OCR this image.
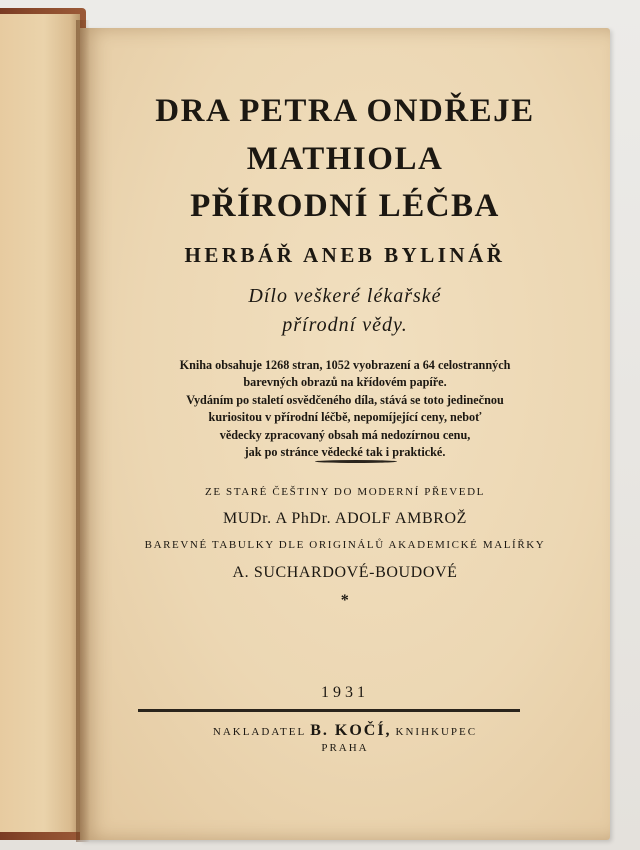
DRA PETRA ONDŘEJE
MATHIOLA
PŘÍRODNÍ LÉČBA
HERBÁŘ ANEB BYLINÁŘ
Dílo veškeré lékařské
přírodní vědy.
Kniha obsahuje 1268 stran, 1052 vyobrazení a 64 celostranných
barevných obrazů na křídovém papíře.
Vydáním po staletí osvědčeného díla, stává se toto jedinečnou
kuriositou v přírodní léčbě, nepomíjející ceny, neboť
vědecky zpracovaný obsah má nedozírnou cenu,
jak po stránce vědecké tak i praktické.
ZE STARÉ ČEŠTINY DO MODERNÍ PŘEVEDL
MUDr. A PhDr. ADOLF AMBROŽ
BAREVNÉ TABULKY DLE ORIGINÁLŮ AKADEMICKÉ MALÍŘKY
A. SUCHARDOVÉ-BOUDOVÉ
*
1931
NAKLADATEL B. KOČÍ, KNIHKUPEC
PRAHA
